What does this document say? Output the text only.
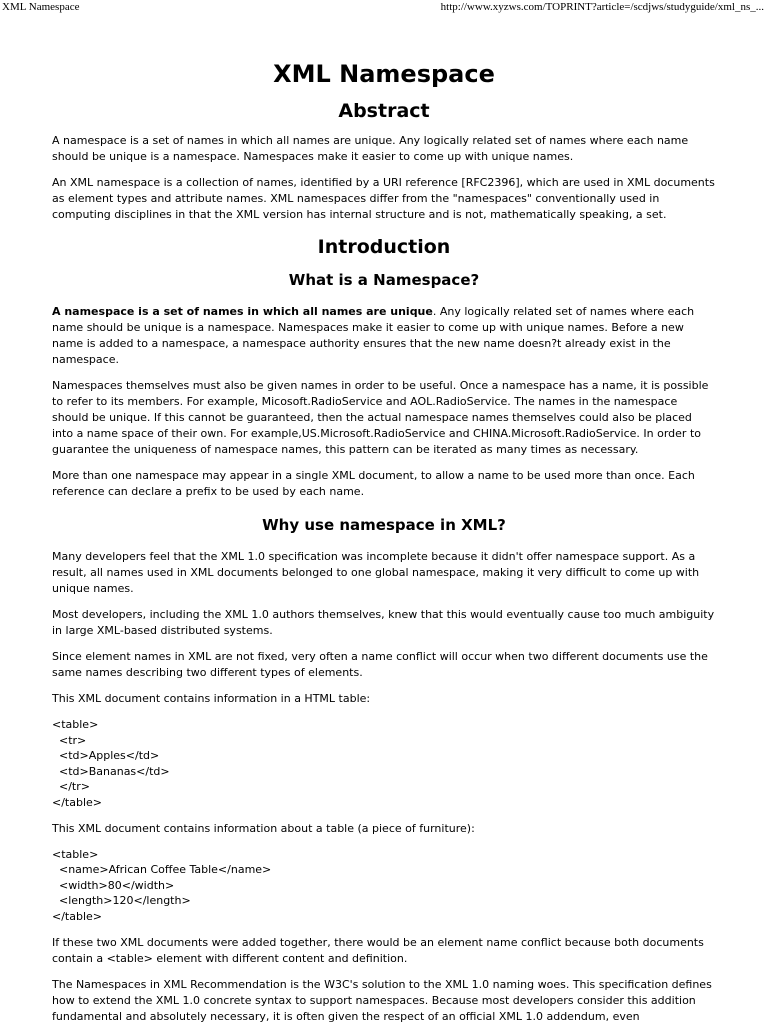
XML Namespace	http://www.xyzws.com/TOPRINT?article=/scdjws/studyguide/xml_ns_...
XML Namespace
Abstract

A namespace is a set of names in which all names are unique. Any logically related set of names where each name should be unique is a namespace. Namespaces make it easier to come up with unique names.

An XML namespace is a collection of names, identified by a URI reference [RFC2396], which are used in XML documents as element types and attribute names. XML namespaces differ from the "namespaces" conventionally used in computing disciplines in that the XML version has internal structure and is not, mathematically speaking, a set.

Introduction
What is a Namespace?

A namespace is a set of names in which all names are unique. Any logically related set of names where each name should be unique is a namespace. Namespaces make it easier to come up with unique names. Before a new name is added to a namespace, a namespace authority ensures that the new name doesn?t already exist in the namespace.

Namespaces themselves must also be given names in order to be useful. Once a namespace has a name, it is possible to refer to its members. For example, Micosoft.RadioService and AOL.RadioService. The names in the namespace should be unique. If this cannot be guaranteed, then the actual namespace names themselves could also be placed into a name space of their own. For example,US.Microsoft.RadioService and CHINA.Microsoft.RadioService. In order to guarantee the uniqueness of namespace names, this pattern can be iterated as many times as necessary.

More than one namespace may appear in a single XML document, to allow a name to be used more than once. Each reference can declare a prefix to be used by each name.

Why use namespace in XML?

Many developers feel that the XML 1.0 specification was incomplete because it didn't offer namespace support. As a result, all names used in XML documents belonged to one global namespace, making it very difficult to come up with unique names.

Most developers, including the XML 1.0 authors themselves, knew that this would eventually cause too much ambiguity in large XML-based distributed systems.

Since element names in XML are not fixed, very often a name conflict will occur when two different documents use the same names describing two different types of elements.

This XML document contains information in a HTML table:

<table>
<tr>
<td>Apples</td>
<td>Bananas</td>
</tr>
</table>

This XML document contains information about a table (a piece of furniture):

<table>
<name>African Coffee Table</name>
<width>80</width>
<length>120</length>
</table>

If these two XML documents were added together, there would be an element name conflict because both documents contain a <table> element with different content and definition.

The Namespaces in XML Recommendation is the W3C's solution to the XML 1.0 naming woes. This specification defines how to extend the XML 1.0 concrete syntax to support namespaces. Because most developers consider this addition fundamental and absolutely necessary, it is often given the respect of an official XML 1.0 addendum, even
